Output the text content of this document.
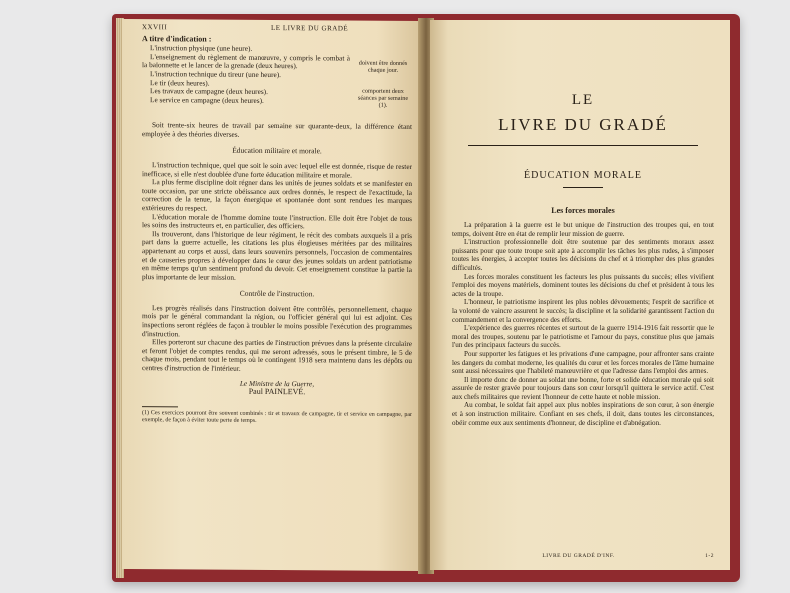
XXVIII	LE LIVRE DU GRADÉ
A titre d'indication :

L'instruction physique (une heure).

L'enseignement du règlement de manœuvre, y compris le combat à la baïonnette et le lancer de la grenade (deux heures).

L'instruction technique du tireur (une heure).

Le tir (deux heures).

Les travaux de campagne (deux heures).

Le service en campagne (deux heures).

doivent être donnés chaque jour.
comportent deux séances par semaine (1).

Soit trente-six heures de travail par semaine sur quarante-deux, la différence étant employée à des théories diverses.

Éducation militaire et morale.

L'instruction technique, quel que soit le soin avec lequel elle est donnée, risque de rester inefficace, si elle n'est doublée d'une forte éducation militaire et morale.

La plus ferme discipline doit régner dans les unités de jeunes soldats et se manifester en toute occasion, par une stricte obéissance aux ordres donnés, le respect de l'exactitude, la correction de la tenue, la façon énergique et spontanée dont sont rendues les marques extérieures du respect.

L'éducation morale de l'homme domine toute l'instruction. Elle doit être l'objet de tous les soins des instructeurs et, en particulier, des officiers.

Ils trouveront, dans l'historique de leur régiment, le récit des combats auxquels il a pris part dans la guerre actuelle, les citations les plus élogieuses méritées par des militaires appartenant au corps et aussi, dans leurs souvenirs personnels, l'occasion de commentaires et de causeries propres à développer dans le cœur des jeunes soldats un ardent patriotisme en même temps qu'un sentiment profond du devoir. Cet enseignement constitue la partie la plus importante de leur mission.

Contrôle de l'instruction.

Les progrès réalisés dans l'instruction doivent être contrôlés, personnellement, chaque mois par le général commandant la région, ou l'officier général qui lui est adjoint. Ces inspections seront réglées de façon à troubler le moins possible l'exécution des programmes d'instruction.

Elles porteront sur chacune des parties de l'instruction prévues dans la présente circulaire et feront l'objet de comptes rendus, qui me seront adressés, sous le présent timbre, le 5 de chaque mois, pendant tout le temps où le contingent 1918 sera maintenu dans les dépôts ou centres d'instruction de l'intérieur.

Le Ministre de la Guerre,
Paul PAINLEVÉ.

(1) Ces exercices pourront être souvent combinés : tir et travaux de campagne, tir et service en campagne, par exemple, de façon à éviter toute perte de temps.

LE
LIVRE DU GRADÉ
ÉDUCATION MORALE
Les forces morales

La préparation à la guerre est le but unique de l'instruction des troupes qui, en tout temps, doivent être en état de remplir leur mission de guerre.

L'instruction professionnelle doit être soutenue par des sentiments moraux assez puissants pour que toute troupe soit apte à accomplir les tâches les plus rudes, à s'imposer toutes les énergies, à accepter toutes les décisions du chef et à triompher des plus grandes difficultés.

Les forces morales constituent les facteurs les plus puissants du succès; elles vivifient l'emploi des moyens matériels, dominent toutes les décisions du chef et président à tous les actes de la troupe.

L'honneur, le patriotisme inspirent les plus nobles dévouements; l'esprit de sacrifice et la volonté de vaincre assurent le succès; la discipline et la solidarité garantissent l'action du commandement et la convergence des efforts.

L'expérience des guerres récentes et surtout de la guerre 1914-1916 fait ressortir que le moral des troupes, soutenu par le patriotisme et l'amour du pays, constitue plus que jamais l'un des principaux facteurs du succès.

Pour supporter les fatigues et les privations d'une campagne, pour affronter sans crainte les dangers du combat moderne, les qualités du cœur et les forces morales de l'âme humaine sont aussi nécessaires que l'habileté manœuvrière et que l'adresse dans l'emploi des armes.

Il importe donc de donner au soldat une bonne, forte et solide éducation morale qui soit assurée de rester gravée pour toujours dans son cœur lorsqu'il quittera le service actif. C'est aux chefs militaires que revient l'honneur de cette haute et noble mission.

Au combat, le soldat fait appel aux plus nobles inspirations de son cœur, à son énergie et à son instruction militaire. Confiant en ses chefs, il doit, dans toutes les circonstances, obéir comme eux aux sentiments d'honneur, de discipline et d'abnégation.

LIVRE DU GRADÉ D'INF.	1-2
